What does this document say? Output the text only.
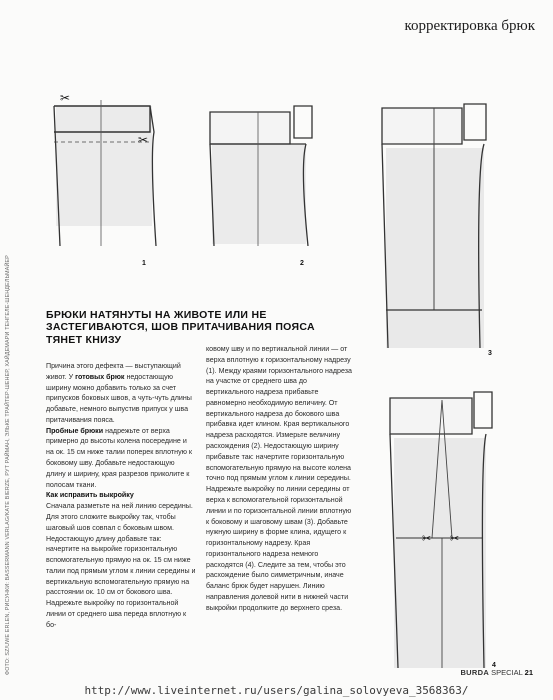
корректировка брюк
ФОТО: SZ/UWE ERLEN, РИСУНКИ: BASSERMANN VERLAG/KATE BIERZE, РУТ РАЙМАН, ЭЛЬКЕ ТРАЙТЕР-ШЕНЕР, ХАЙДЕМАРИ ТЕНГЕЛЕ-ШЕНДЕЛЬМАЙЕР
✂
✂
1	2
3
✂ ✂
4
БРЮКИ НАТЯНУТЫ НА ЖИВОТЕ ИЛИ НЕ ЗАСТЕГИВАЮТСЯ, ШОВ ПРИТАЧИВАНИЯ ПОЯСА ТЯНЕТ КНИЗУ

Причина этого дефекта — выступающий живот. У готовых брюк недостающую ширину можно добавить только за счет припусков боковых швов, а чуть-чуть длины добавьте, немного выпустив припуск у шва притачивания пояса.

Пробные брюки надрежьте от верха примерно до высоты колена посередине и на ок. 15 см ниже талии поперек вплотную к боковому шву. Добавьте недостающую длину и ширину, края разрезов приколите к полосам ткани.

Как исправить выкройку

Сначала разметьте на ней линию середины. Для этого сложите выкройку так, чтобы шаговый шов совпал с боковым швом. Недостающую длину добавьте так: начертите на выкройке горизонтальную вспомогательную прямую на ок. 15 см ниже талии под прямым углом к линии середины и вертикальную вспомогательную прямую на расстоянии ок. 10 см от бокового шва. Надрежьте выкройку по горизонтальной линии от среднего шва переда вплотную к бо-

ковому шву и по вертикальной линии — от верха вплотную к горизонтальному надрезу (1). Между краями горизонтального надреза на участке от среднего шва до вертикального надреза прибавьте равномерно необходимую величину. От вертикального надреза до бокового шва прибавка идет клином. Края вертикального надреза расходятся. Измерьте величину расхождения (2). Недостающую ширину прибавьте так: начертите горизонтальную вспомогательную прямую на высоте колена точно под прямым углом к линии середины. Надрежьте выкройку по линии середины от верха к вспомогательной горизонтальной линии и по горизонтальной линии вплотную к боковому и шаговому швам (3). Добавьте нужную ширину в форме клина, идущего к горизонтальному надрезу. Края горизонтального надреза немного расходятся (4). Следите за тем, чтобы это расхождение было симметричным, иначе баланс брюк будет нарушен. Линию направления долевой нити в нижней части выкройки продолжите до верхнего среза.

BURDA SPECIAL 21
http://www.liveinternet.ru/users/galina_solovyeva_3568363/
